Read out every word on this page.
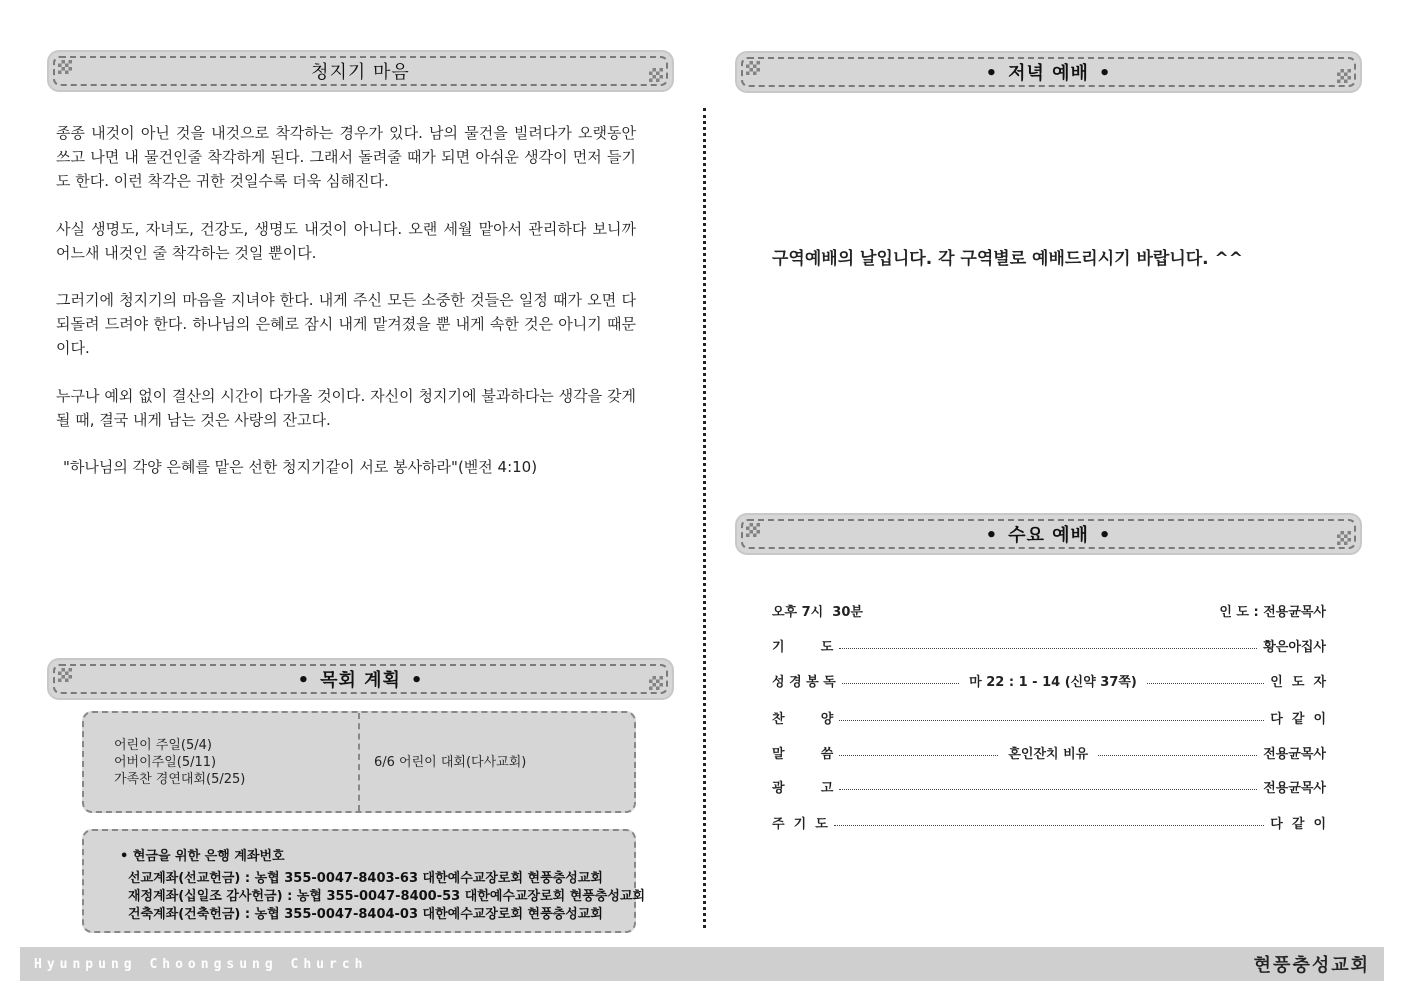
청지기 마음

종종 내것이 아닌 것을 내것으로 착각하는 경우가 있다. 남의 물건을 빌려다가 오랫동안 쓰고 나면 내 물건인줄 착각하게 된다. 그래서 돌려줄 때가 되면 아쉬운 생각이 먼저 들기도 한다. 이런 착각은 귀한 것일수록 더욱 심해진다.

사실 생명도, 자녀도, 건강도, 생명도 내것이 아니다. 오랜 세월 맡아서 관리하다 보니까 어느새 내것인 줄 착각하는 것일 뿐이다.

그러기에 청지기의 마음을 지녀야 한다. 내게 주신 모든 소중한 것들은 일정 때가 오면 다 되돌려 드려야 한다. 하나님의 은혜로 잠시 내게 맡겨졌을 뿐 내게 속한 것은 아니기 때문이다.

누구나 예외 없이 결산의 시간이 다가올 것이다. 자신이 청지기에 불과하다는 생각을 갖게 될 때, 결국 내게 남는 것은 사랑의 잔고다.

"하나님의 각양 은혜를 맡은 선한 청지기같이 서로 봉사하라"(벧전 4:10)

• 목회 계획 •
어린이 주일(5/4)
어버이주일(5/11)
가족찬 경연대회(5/25)
6/6 어린이 대회(다사교회)
• 현금을 위한 은행 계좌번호
선교계좌(선교헌금) : 농협 355-0047-8403-63 대한예수교장로회 현풍충성교회
재정계좌(십일조 감사헌금) : 농협 355-0047-8400-53 대한예수교장로회 현풍충성교회
건축계좌(건축헌금) : 농협 355-0047-8404-03 대한예수교장로회 현풍충성교회
• 저녁 예배 •
구역예배의 날입니다. 각 구역별로 예배드리시기 바랍니다. ^^
• 수요 예배 •
오후 7시  30분	인 도 : 전용균목사
기        도	황은아집사
성 경 봉 독	마 22 : 1 - 14 (신약 37쪽)	인  도  자
찬        양	다  같  이
말        씀	혼인잔치 비유	전용균목사
광        고	전용균목사
주  기  도	다  같  이
Hyunpung Choongsung Church	현풍충성교회
